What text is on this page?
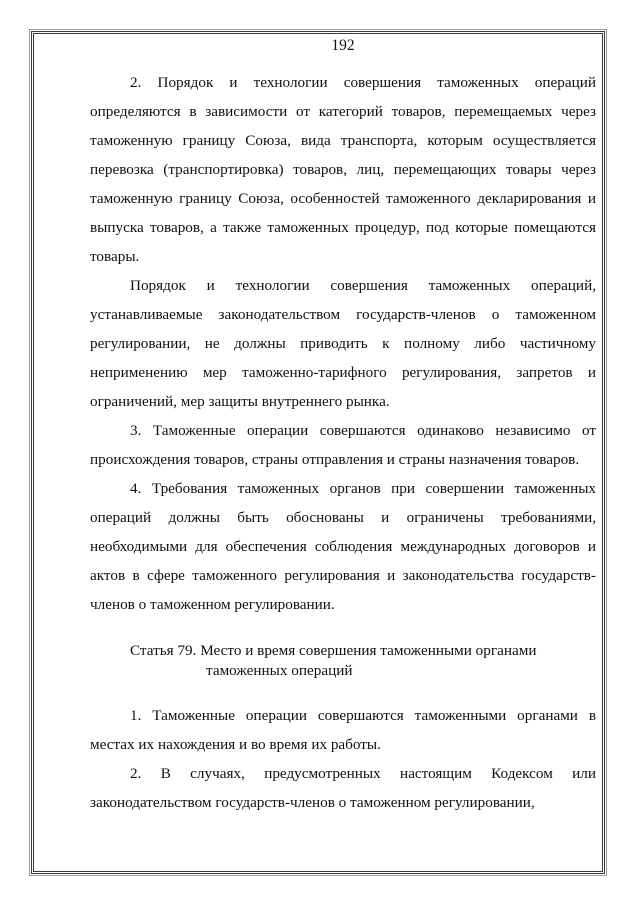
192

2. Порядок и технологии совершения таможенных операций определяются в зависимости от категорий товаров, перемещаемых через таможенную границу Союза, вида транспорта, которым осуществляется перевозка (транспортировка) товаров, лиц, перемещающих товары через таможенную границу Союза, особенностей таможенного декларирования и выпуска товаров, а также таможенных процедур, под которые помещаются товары.

Порядок и технологии совершения таможенных операций, устанавливаемые законодательством государств-членов о таможенном регулировании, не должны приводить к полному либо частичному неприменению мер таможенно-тарифного регулирования, запретов и ограничений, мер защиты внутреннего рынка.

3. Таможенные операции совершаются одинаково независимо от происхождения товаров, страны отправления и страны назначения товаров.

4. Требования таможенных органов при совершении таможенных операций должны быть обоснованы и ограничены требованиями, необходимыми для обеспечения соблюдения международных договоров и актов в сфере таможенного регулирования и законодательства государств-членов о таможенном регулировании.

Статья 79. Место и время совершения таможенными органами
таможенных операций

1. Таможенные операции совершаются таможенными органами в местах их нахождения и во время их работы.

2. В случаях, предусмотренных настоящим Кодексом или законодательством государств-членов о таможенном регулировании,
